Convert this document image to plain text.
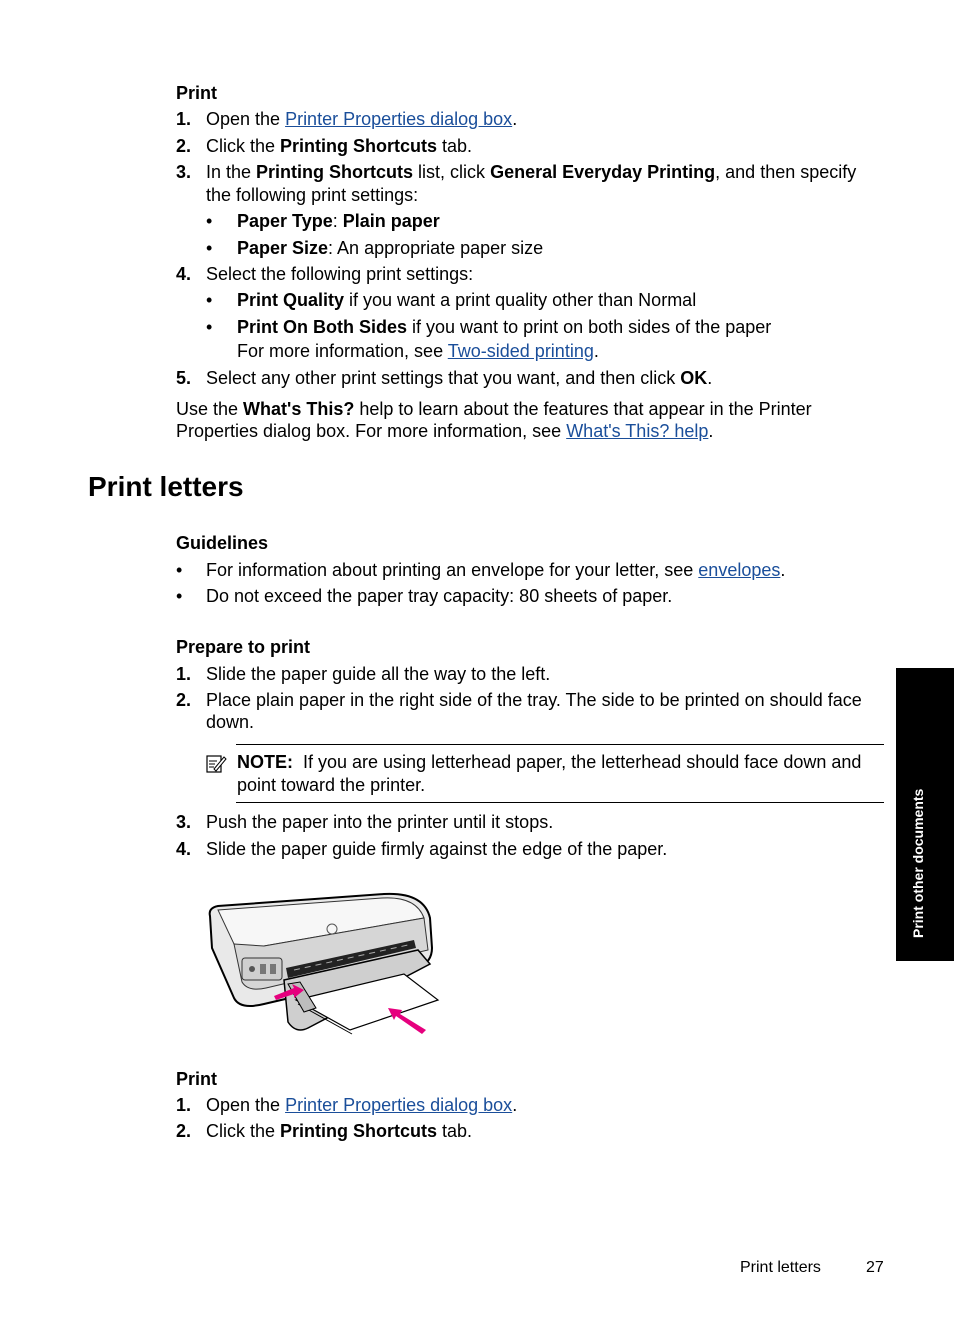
Print
1. Open the Printer Properties dialog box.
2. Click the Printing Shortcuts tab.
3. In the Printing Shortcuts list, click General Everyday Printing, and then specify
the following print settings:
• Paper Type: Plain paper
• Paper Size: An appropriate paper size
4. Select the following print settings:
• Print Quality if you want a print quality other than Normal
• Print On Both Sides if you want to print on both sides of the paper
For more information, see Two-sided printing.
5. Select any other print settings that you want, and then click OK.
Use the What's This? help to learn about the features that appear in the Printer
Properties dialog box. For more information, see What's This? help.
Print letters
Guidelines
• For information about printing an envelope for your letter, see envelopes.
• Do not exceed the paper tray capacity: 80 sheets of paper.
Prepare to print
1. Slide the paper guide all the way to the left.
2. Place plain paper in the right side of the tray. The side to be printed on should face
down.
NOTE:  If you are using letterhead paper, the letterhead should face down and
point toward the printer.
3. Push the paper into the printer until it stops.
4. Slide the paper guide firmly against the edge of the paper.
Print
1. Open the Printer Properties dialog box.
2. Click the Printing Shortcuts tab.
Print other documents
Print letters	27
